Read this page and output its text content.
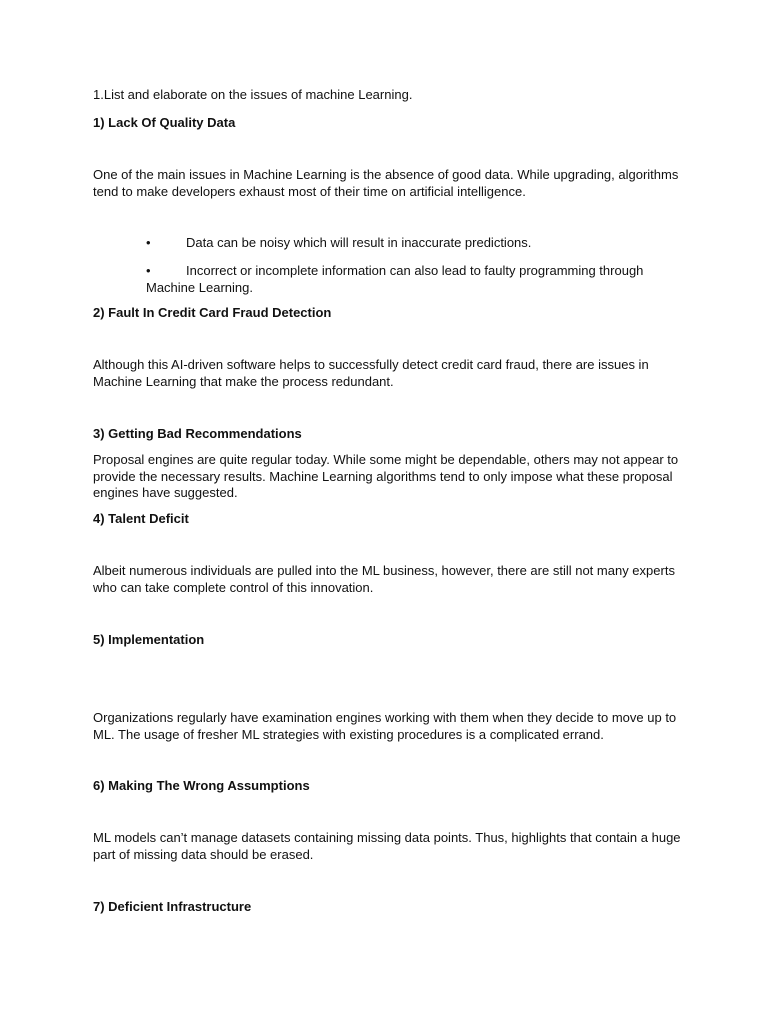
1.List and elaborate on the issues of machine Learning.

1) Lack Of Quality Data

One of the main issues in Machine Learning is the absence of good data. While upgrading, algorithms tend to make developers exhaust most of their time on artificial intelligence.

•	Data can be noisy which will result in inaccurate predictions.

•	Incorrect or incomplete information can also lead to faulty programming through Machine Learning.

2) Fault In Credit Card Fraud Detection

Although this AI-driven software helps to successfully detect credit card fraud, there are issues in Machine Learning that make the process redundant.

3) Getting Bad Recommendations

Proposal engines are quite regular today. While some might be dependable, others may not appear to provide the necessary results. Machine Learning algorithms tend to only impose what these proposal engines have suggested.

4) Talent Deficit

Albeit numerous individuals are pulled into the ML business, however, there are still not many experts who can take complete control of this innovation.

5) Implementation

Organizations regularly have examination engines working with them when they decide to move up to ML. The usage of fresher ML strategies with existing procedures is a complicated errand.

6) Making The Wrong Assumptions

ML models can’t manage datasets containing missing data points. Thus, highlights that contain a huge part of missing data should be erased.

7) Deficient Infrastructure
